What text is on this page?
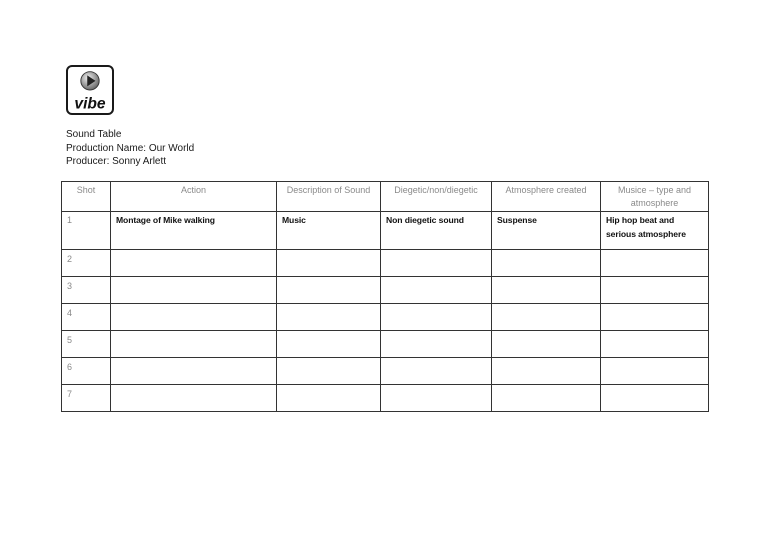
vibe
Sound Table
Production Name: Our World
Producer: Sonny Arlett
Shot	Action	Description of Sound	Diegetic/non/diegetic	Atmosphere created	Musice – type and atmosphere
1	Montage of Mike walking	Music	Non diegetic sound	Suspense	Hip hop beat and serious atmosphere
2					
3					
4					
5					
6					
7					
